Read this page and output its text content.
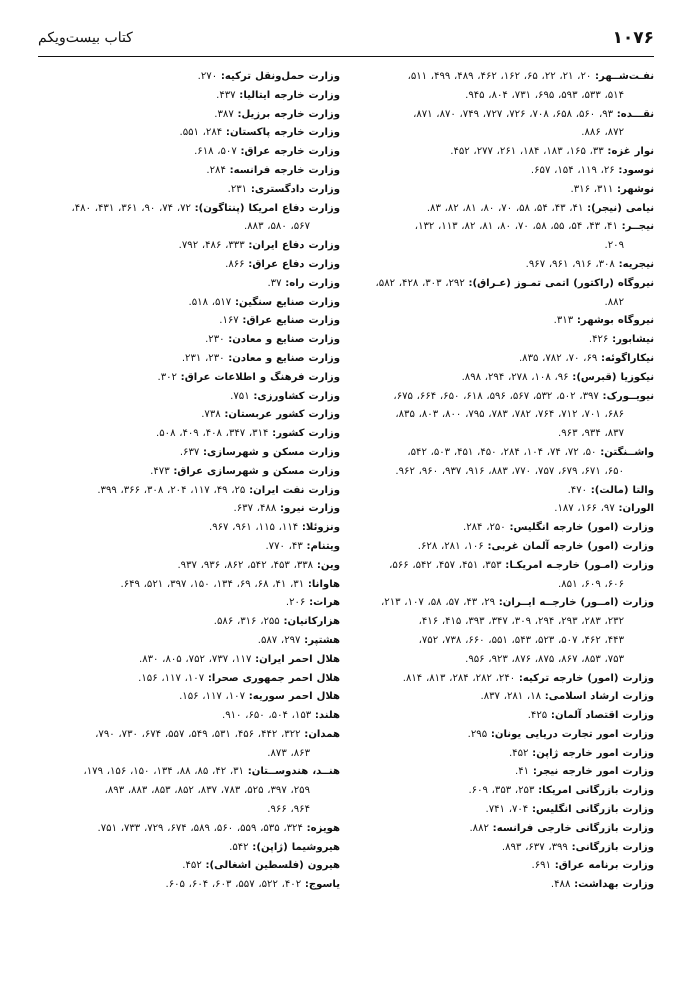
۱۰۷۶
کتاب بیست‌ویکم
نفـت‌شــهر: ۲۰، ۲۱، ۲۲، ۶۵، ۱۶۲، ۴۶۲، ۴۸۹، ۴۹۹، ۵۱۱،
۵۱۴، ۵۳۳، ۵۹۳، ۶۹۵، ۷۳۱، ۸۰۴، ۹۴۵.
نقـــده: ۹۳، ۵۶۰، ۶۵۸، ۷۰۸، ۷۲۶، ۷۲۷، ۷۴۹، ۸۷۰، ۸۷۱،
۸۷۲، ۸۸۶.
نوار غزه: ۳۳، ۱۶۵، ۱۸۳، ۱۸۴، ۲۶۱، ۲۷۷، ۴۵۲.
نوسود: ۲۶، ۱۱۹، ۱۵۴، ۶۵۷.
نوشهر: ۳۱۱، ۳۱۶.
نیامی (نیجر): ۴۱، ۴۳، ۵۴، ۵۸، ۷۰، ۸۰، ۸۱، ۸۲، ۸۳.
نیجــر: ۴۱، ۴۳، ۵۴، ۵۵، ۵۸، ۷۰، ۸۰، ۸۱، ۸۲، ۱۱۳، ۱۳۲،
۲۰۹.
نیجریه: ۳۰۸، ۹۱۶، ۹۶۱، ۹۶۷.
نیروگاه (راکتور) اتمی تمـوز (عـراق): ۲۹۲، ۳۰۳، ۴۲۸، ۵۸۲،
۸۸۲.
نیروگاه بوشهر: ۳۱۳.
نیشابور: ۴۲۶.
نیکاراگوئه: ۶۹، ۷۰، ۷۸۲، ۸۳۵.
نیکوزیا (قبرس): ۹۶، ۱۰۸، ۲۷۸، ۲۹۴، ۸۹۸.
نیویــورک: ۳۹۷، ۵۰۲، ۵۳۲، ۵۶۷، ۵۹۶، ۶۱۸، ۶۵۰، ۶۶۴، ۶۷۵،
۶۸۶، ۷۰۱، ۷۱۲، ۷۶۴، ۷۸۲، ۷۸۳، ۷۹۵، ۸۰۰، ۸۰۳، ۸۳۵،
۸۳۷، ۹۳۴، ۹۶۳.
واشــنگتن: ۵۰، ۷۲، ۷۴، ۱۰۴، ۲۸۴، ۴۵۰، ۴۵۱، ۵۰۳، ۵۴۲،
۶۵۰، ۶۷۱، ۶۷۹، ۷۵۷، ۷۷۰، ۸۸۳، ۹۱۶، ۹۳۷، ۹۶۰، ۹۶۲.
والتا (مالت): ۴۷۰.
الوران: ۹۷، ۱۶۶، ۱۸۷.
وزارت (امور) خارجه انگلیس: ۲۵۰، ۲۸۴.
وزارت (امور) خارجه آلمان غربی: ۱۰۶، ۲۸۱، ۶۲۸.
وزارت (امـور) خارجـه امریکـا: ۳۵۳، ۴۵۱، ۴۵۷، ۵۴۲، ۵۶۶،
۶۰۶، ۶۰۹، ۸۵۱.
وزارت (امــور) خارجــه ایــران: ۲۹، ۴۳، ۵۷، ۵۸، ۱۰۷، ۲۱۳،
۲۳۲، ۲۸۳، ۲۹۳، ۲۹۴، ۳۰۹، ۳۴۷، ۳۹۳، ۴۱۵، ۴۱۶،
۴۴۳، ۴۶۲، ۵۰۷، ۵۲۳، ۵۴۳، ۵۵۱، ۶۶۰، ۷۳۸، ۷۵۲،
۷۵۳، ۸۵۳، ۸۶۷، ۸۷۵، ۸۷۶، ۹۲۳، ۹۵۶.
وزارت (امور) خارجه ترکیه: ۲۴۰، ۲۸۲، ۲۸۴، ۸۱۳، ۸۱۴.
وزارت ارشاد اسلامی: ۱۸، ۲۸۱، ۸۳۷.
وزارت اقتصاد آلمان: ۴۲۵.
وزارت امور تجارت دریایی یونان: ۲۹۵.
وزارت امور خارجه ژاپن: ۴۵۲.
وزارت امور خارجه نیجر: ۴۱.
وزارت بازرگانی امریکا: ۲۵۳، ۳۵۳، ۶۰۹.
وزارت بازرگانی انگلیس: ۷۰۴، ۷۴۱.
وزارت بازرگانی خارجی فرانسه: ۸۸۲.
وزارت بازرگانی: ۳۹۹، ۶۳۷، ۸۹۳.
وزارت برنامه عراق: ۶۹۱.
وزارت بهداشت: ۴۸۸.
وزارت حمل‌ونقل ترکیه: ۲۷۰.
وزارت خارجه ایتالیا: ۴۳۷.
وزارت خارجه برزیل: ۳۸۷.
وزارت خارجه پاکستان: ۲۸۴، ۵۵۱.
وزارت خارجه عراق: ۵۰۷، ۶۱۸.
وزارت خارجه فرانسه: ۲۸۴.
وزارت دادگستری: ۲۳۱.
وزارت دفاع امریکا (پنتاگون): ۷۲، ۷۴، ۹۰، ۳۶۱، ۴۳۱، ۴۸۰،
۵۶۷، ۵۸۰، ۸۸۳.
وزارت دفاع ایران: ۳۳۳، ۴۸۶، ۷۹۲.
وزارت دفاع عراق: ۸۶۶.
وزارت راه: ۳۷.
وزارت صنایع سنگین: ۵۱۷، ۵۱۸.
وزارت صنایع عراق: ۱۶۷.
وزارت صنایع و معادن: ۲۳۰.
وزارت صنایع و معادن: ۲۳۰، ۲۳۱.
وزارت فرهنگ و اطلاعات عراق: ۳۰۲.
وزارت کشاورزی: ۷۵۱.
وزارت کشور عربستان: ۷۳۸.
وزارت کشور: ۳۱۴، ۳۴۷، ۴۰۸، ۴۰۹، ۵۰۸.
وزارت مسکن و شهرسازی: ۶۳۷.
وزارت مسکن و شهرسازی عراق: ۴۷۳.
وزارت نفت ایران: ۲۵، ۴۹، ۱۱۷، ۲۰۴، ۳۰۸، ۳۶۶، ۳۹۹.
وزارت نیرو: ۴۸۸، ۶۳۷.
ونزوئلا: ۱۱۴، ۱۱۵، ۹۶۱، ۹۶۷.
ویتنام: ۴۳، ۷۷۰.
وین: ۳۳۸، ۴۵۳، ۵۴۲، ۸۶۲، ۹۳۶، ۹۳۷.
هاوانا: ۳۱، ۴۱، ۶۸، ۶۹، ۱۳۴، ۱۵۰، ۳۹۷، ۵۲۱، ۶۴۹.
هرات: ۲۰۶.
هزارکانیان: ۲۵۵، ۳۱۶، ۵۸۶.
هشتپر: ۲۹۷، ۵۸۷.
هلال احمر ایران: ۱۱۷، ۷۳۷، ۷۵۲، ۸۰۵، ۸۳۰.
هلال احمر جمهوری صحرا: ۱۰۷، ۱۱۷، ۱۵۶.
هلال احمر سوریه: ۱۰۷، ۱۱۷، ۱۵۶.
هلند: ۱۵۳، ۵۰۴، ۶۵۰، ۹۱۰.
همدان: ۳۲۲، ۴۴۲، ۴۵۶، ۵۳۱، ۵۴۹، ۵۵۷، ۶۷۴، ۷۳۰، ۷۹۰،
۸۶۳، ۸۷۳.
هنــد، هندوســتان: ۳۱، ۴۲، ۸۵، ۸۸، ۱۳۴، ۱۵۰، ۱۵۶، ۱۷۹،
۲۵۹، ۳۹۷، ۵۲۵، ۷۸۳، ۸۳۷، ۸۵۲، ۸۵۳، ۸۸۳، ۸۹۳،
۹۶۴، ۹۶۶.
هویزه: ۳۲۴، ۵۳۵، ۵۵۹، ۵۶۰، ۵۸۹، ۶۷۴، ۷۲۹، ۷۳۳، ۷۵۱.
هیروشیما (ژاپن): ۵۴۲.
هیرون (فلسطین اشغالی): ۴۵۲.
یاسوج: ۴۰۲، ۵۲۲، ۵۵۷، ۶۰۳، ۶۰۴، ۶۰۵.
